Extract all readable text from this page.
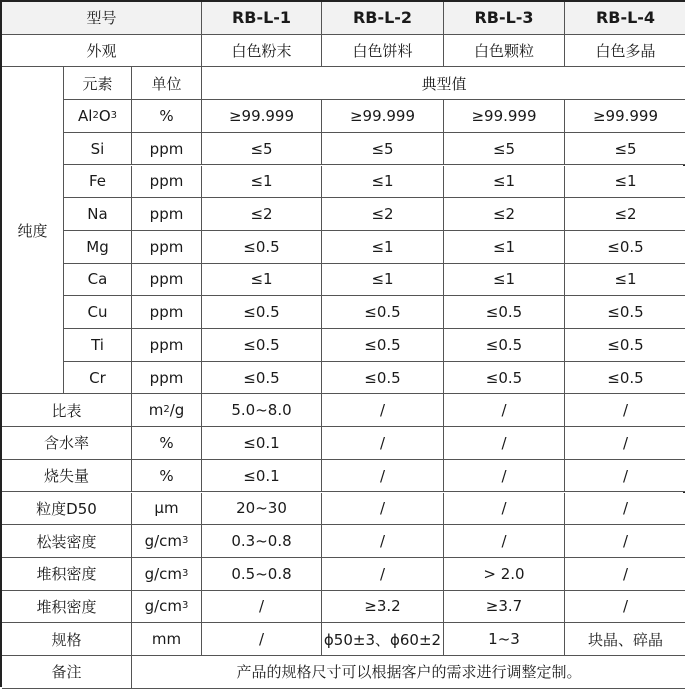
型号	RB-L-1	RB-L-2	RB-L-3	RB-L-4
外观	白色粉末	白色饼料	白色颗粒	白色多晶
元素	单位	典型值
纯度
Al 2 O 3	%	≥99.999	≥99.999	≥99.999	≥99.999
Si	ppm	≤5	≤5	≤5	≤5
Fe	ppm	≤1	≤1	≤1	≤1
Na	ppm	≤2	≤2	≤2	≤2
Mg	ppm	≤0.5	≤1	≤1	≤0.5
Ca	ppm	≤1	≤1	≤1	≤1
Cu	ppm	≤0.5	≤0.5	≤0.5	≤0.5
Ti	ppm	≤0.5	≤0.5	≤0.5	≤0.5
Cr	ppm	≤0.5	≤0.5	≤0.5	≤0.5
比表	m 2 /g	5.0~8.0	/	/	/
含水率	%	≤0.1	/	/	/
烧失量	%	≤0.1	/	/	/
粒度D50	μm	20~30	/	/	/
松装密度	g/cm 3	0.3~0.8	/	/	/
堆积密度	g/cm 3	0.5~0.8	/	> 2.0	/
堆积密度	g/cm 3	/	≥3.2	≥3.7	/
规格	mm	/	ɸ50±3、ɸ60±2	1~3	块晶、碎晶
备注	产品的规格尺寸可以根据客户的需求进行调整定制。
